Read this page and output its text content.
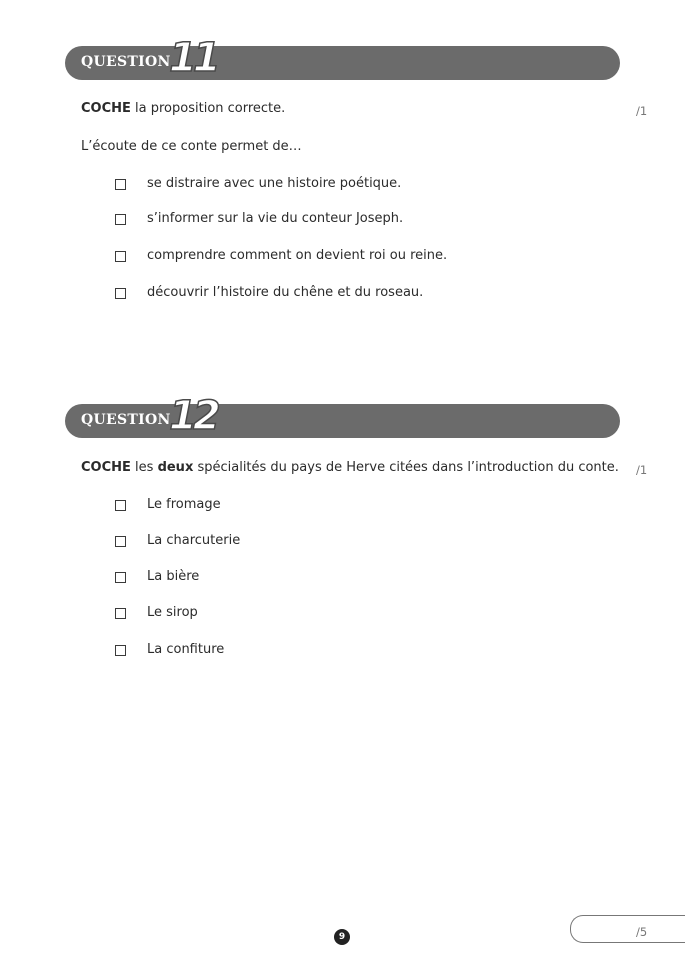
QUESTION
11
COCHE la proposition correcte.	/1
L’écoute de ce conte permet de…
se distraire avec une histoire poétique.
s’informer sur la vie du conteur Joseph.
comprendre comment on devient roi ou reine.
découvrir l’histoire du chêne et du roseau.
QUESTION
12
COCHE les deux spécialités du pays de Herve citées dans l’introduction du conte. /1
Le fromage
La charcuterie
La bière
Le sirop
La confiture
/5
9
